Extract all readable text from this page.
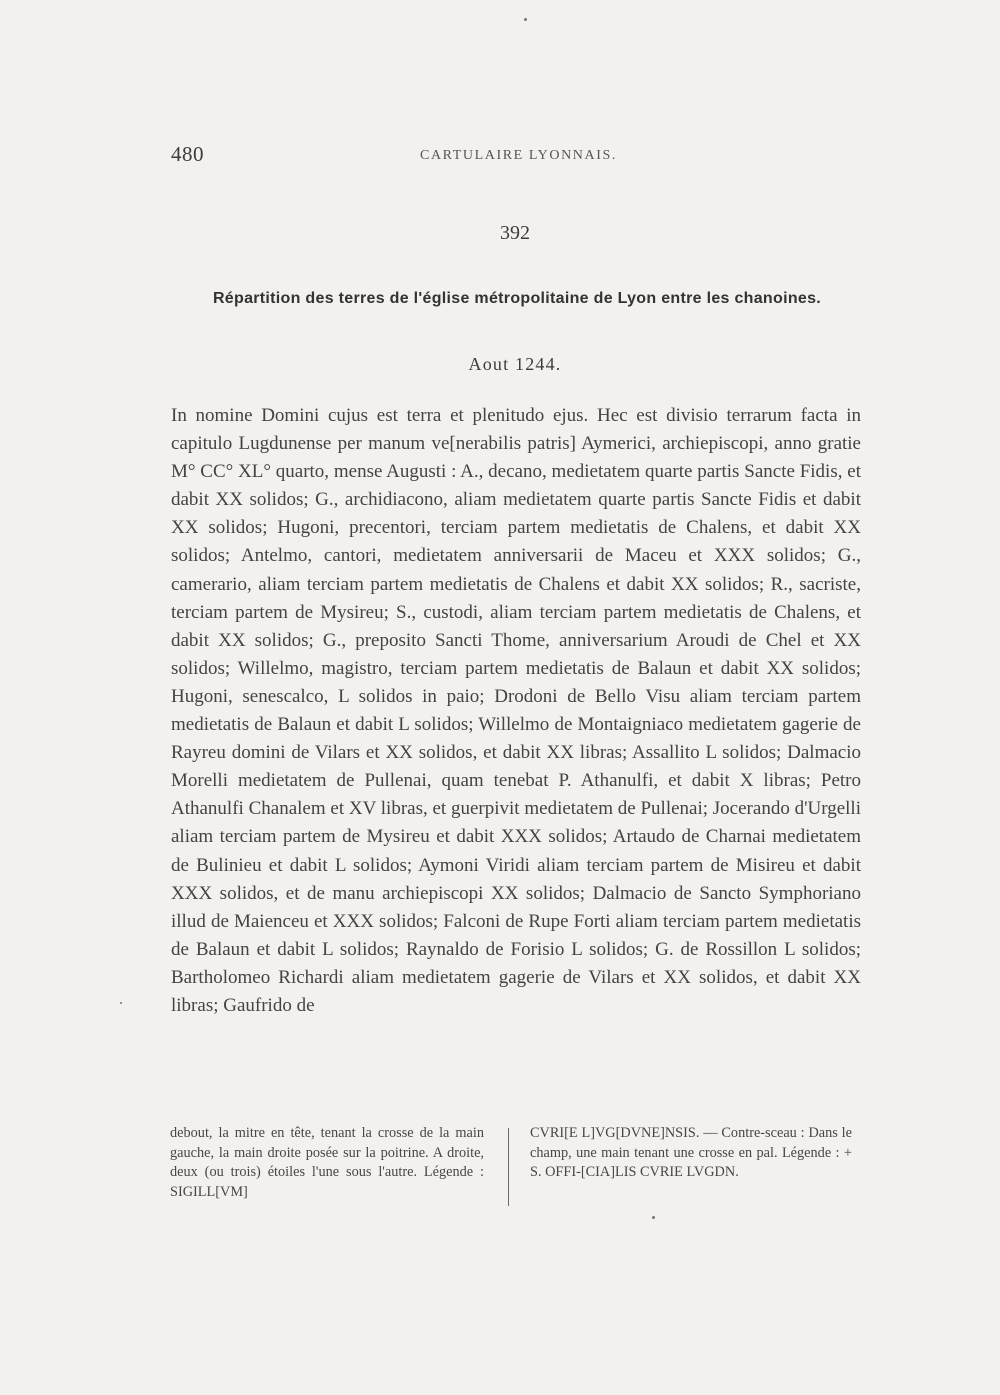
480	CARTULAIRE LYONNAIS.
392
Répartition des terres de l'église métropolitaine de Lyon entre les chanoines.
Aout 1244.

In nomine Domini cujus est terra et plenitudo ejus. Hec est divisio terrarum facta in capitulo Lugdunense per manum ve[nerabilis patris] Aymerici, archiepiscopi, anno gratie M° CC° XL° quarto, mense Augusti : A., decano, medietatem quarte partis Sancte Fidis, et dabit XX solidos; G., archidiacono, aliam medietatem quarte partis Sancte Fidis et dabit XX solidos; Hugoni, precentori, terciam partem medietatis de Chalens, et dabit XX solidos; Antelmo, cantori, medietatem anniversarii de Maceu et XXX solidos; G., camerario, aliam terciam partem medietatis de Chalens et dabit XX solidos; R., sacriste, terciam partem de Mysireu; S., custodi, aliam terciam partem medietatis de Chalens, et dabit XX solidos; G., preposito Sancti Thome, anniversarium Aroudi de Chel et XX solidos; Willelmo, magistro, terciam partem medietatis de Balaun et dabit XX solidos; Hugoni, senescalco, L solidos in paio; Drodoni de Bello Visu aliam terciam partem medietatis de Balaun et dabit L solidos; Willelmo de Montaigniaco medietatem gagerie de Rayreu domini de Vilars et XX solidos, et dabit XX libras; Assallito L solidos; Dalmacio Morelli medietatem de Pullenai, quam tenebat P. Athanulfi, et dabit X libras; Petro Athanulfi Chanalem et XV libras, et guerpivit medietatem de Pullenai; Jocerando d'Urgelli aliam terciam partem de Mysireu et dabit XXX solidos; Artaudo de Charnai medietatem de Bulinieu et dabit L solidos; Aymoni Viridi aliam terciam partem de Misireu et dabit XXX solidos, et de manu archiepiscopi XX solidos; Dalmacio de Sancto Symphoriano illud de Maienceu et XXX solidos; Falconi de Rupe Forti aliam terciam partem medietatis de Balaun et dabit L solidos; Raynaldo de Forisio L solidos; G. de Rossillon L solidos; Bartholomeo Richardi aliam medietatem gagerie de Vilars et XX solidos, et dabit XX libras; Gaufrido de

debout, la mitre en tête, tenant la crosse de la main gauche, la main droite posée sur la poitrine. A droite, deux (ou trois) étoiles l'une sous l'autre. Légende : SIGILL[VM]

CVRI[E L]VG[DVNE]NSIS. — Contre-sceau : Dans le champ, une main tenant une crosse en pal. Légende : + S. OFFI-[CIA]LIS CVRIE LVGDN.
